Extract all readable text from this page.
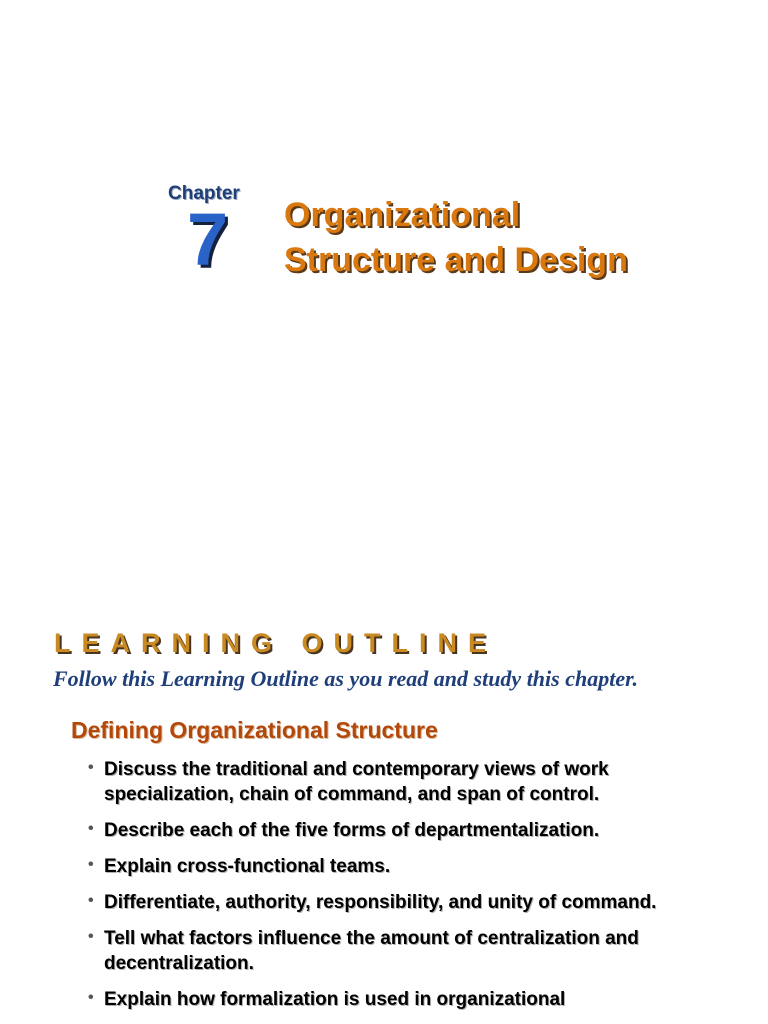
Chapter
7 Organizational
Structure and Design
LEARNING OUTLINE
Follow this Learning Outline as you read and study this chapter.
Defining Organizational Structure
• Discuss the traditional and contemporary views of work specialization, chain of command, and span of control.
• Describe each of the five forms of departmentalization.
• Explain cross-functional teams.
• Differentiate, authority, responsibility, and unity of command.
• Tell what factors influence the amount of centralization and decentralization.
• Explain how formalization is used in organizational
